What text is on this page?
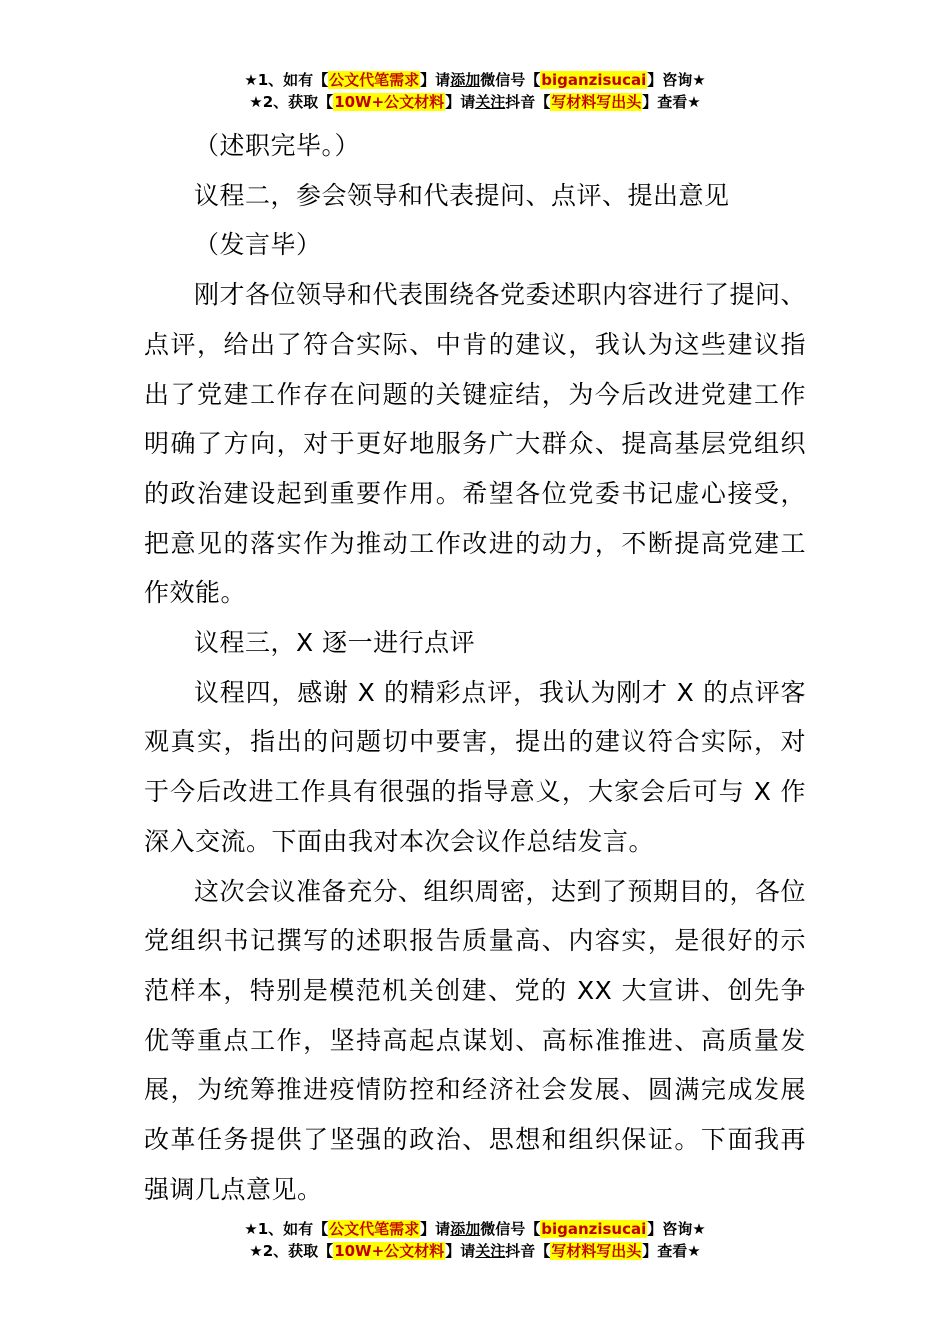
★1、如有【公文代笔需求】请添加微信号【biganzisucai】咨询★
★2、获取【10W+公文材料】请关注抖音【写材料写出头】查看★

（述职完毕。）

议程二，参会领导和代表提问、点评、提出意见

（发言毕）

刚才各位领导和代表围绕各党委述职内容进行了提问、点评，给出了符合实际、中肯的建议，我认为这些建议指出了党建工作存在问题的关键症结，为今后改进党建工作明确了方向，对于更好地服务广大群众、提高基层党组织的政治建设起到重要作用。希望各位党委书记虚心接受，把意见的落实作为推动工作改进的动力，不断提高党建工作效能。

议程三，X 逐一进行点评

议程四，感谢 X 的精彩点评，我认为刚才 X 的点评客观真实，指出的问题切中要害，提出的建议符合实际，对于今后改进工作具有很强的指导意义，大家会后可与 X 作深入交流。下面由我对本次会议作总结发言。

这次会议准备充分、组织周密，达到了预期目的，各位党组织书记撰写的述职报告质量高、内容实，是很好的示范样本，特别是模范机关创建、党的 XX 大宣讲、创先争优等重点工作，坚持高起点谋划、高标准推进、高质量发展，为统筹推进疫情防控和经济社会发展、圆满完成发展改革任务提供了坚强的政治、思想和组织保证。下面我再强调几点意见。

★1、如有【公文代笔需求】请添加微信号【biganzisucai】咨询★
★2、获取【10W+公文材料】请关注抖音【写材料写出头】查看★
